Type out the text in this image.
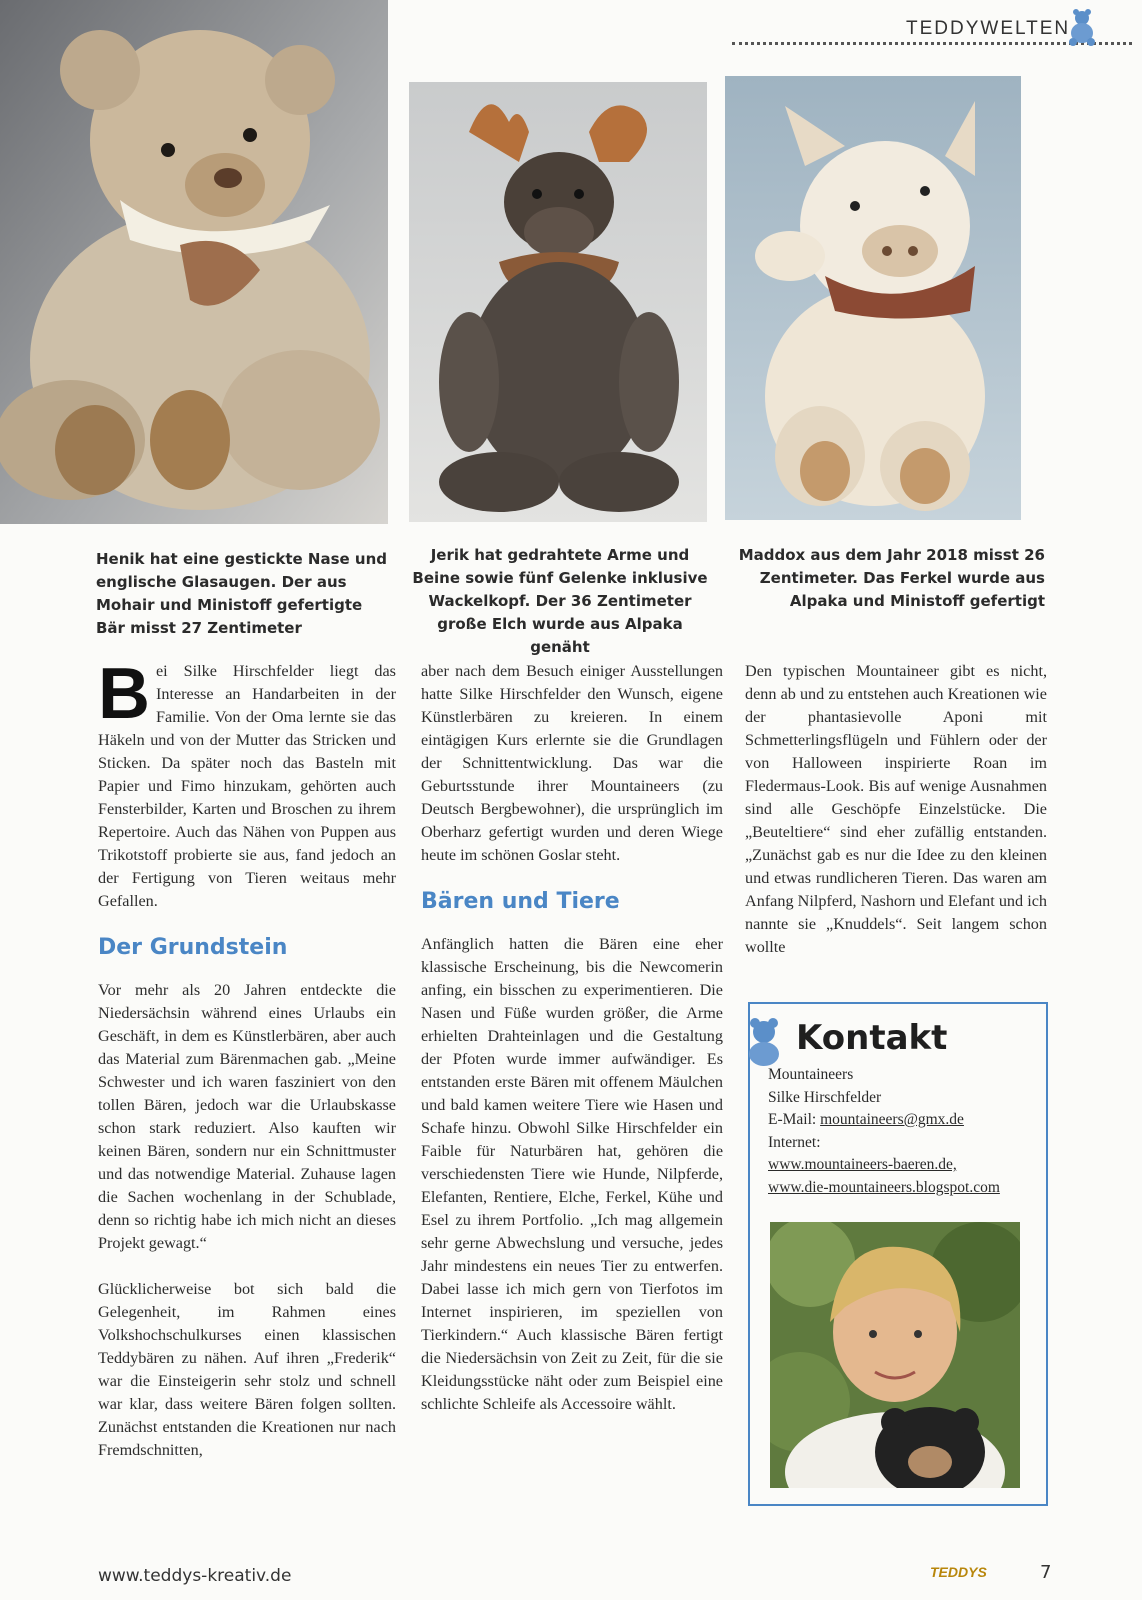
TEDDYWELTEN
Henik hat eine gestickte Nase und englische Glasaugen. Der aus Mohair und Ministoff gefertigte Bär misst 27 Zentimeter
Jerik hat gedrahtete Arme und Beine sowie fünf Gelenke inklusive Wackelkopf. Der 36 Zentimeter große Elch wurde aus Alpaka genäht
Maddox aus dem Jahr 2018 misst 26 Zentimeter. Das Ferkel wurde aus Alpaka und Ministoff gefertigt

Bei Silke Hirschfelder liegt das Interesse an Handarbeiten in der Familie. Von der Oma lernte sie das Häkeln und von der Mutter das Stricken und Sticken. Da später noch das Basteln mit Papier und Fimo hinzukam, gehörten auch Fensterbilder, Karten und Broschen zu ihrem Repertoire. Auch das Nähen von Puppen aus Trikotstoff probierte sie aus, fand jedoch an der Fertigung von Tieren weitaus mehr Gefallen.

Der Grundstein

Vor mehr als 20 Jahren entdeckte die Niedersächsin während eines Urlaubs ein Geschäft, in dem es Künstlerbären, aber auch das Material zum Bärenmachen gab. „Meine Schwester und ich waren fasziniert von den tollen Bären, jedoch war die Urlaubskasse schon stark reduziert. Also kauften wir keinen Bären, sondern nur ein Schnittmuster und das notwendige Material. Zuhause lagen die Sachen wochenlang in der Schublade, denn so richtig habe ich mich nicht an dieses Projekt gewagt.“

Glücklicherweise bot sich bald die Gelegenheit, im Rahmen eines Volkshochschulkurses einen klassischen Teddybären zu nähen. Auf ihren „Frederik“ war die Einsteigerin sehr stolz und schnell war klar, dass weitere Bären folgen sollten. Zunächst entstanden die Kreationen nur nach Fremdschnitten,

aber nach dem Besuch einiger Ausstellungen hatte Silke Hirschfelder den Wunsch, eigene Künstlerbären zu kreieren. In einem eintägigen Kurs erlernte sie die Grundlagen der Schnittentwicklung. Das war die Geburtsstunde ihrer Mountaineers (zu Deutsch Bergbewohner), die ursprünglich im Oberharz gefertigt wurden und deren Wiege heute im schönen Goslar steht.

Bären und Tiere

Anfänglich hatten die Bären eine eher klassische Erscheinung, bis die Newcomerin anfing, ein bisschen zu experimentieren. Die Nasen und Füße wurden größer, die Arme erhielten Drahteinlagen und die Gestaltung der Pfoten wurde immer aufwändiger. Es entstanden erste Bären mit offenem Mäulchen und bald kamen weitere Tiere wie Hasen und Schafe hinzu. Obwohl Silke Hirschfelder ein Faible für Naturbären hat, gehören die verschiedensten Tiere wie Hunde, Nilpferde, Elefanten, Rentiere, Elche, Ferkel, Kühe und Esel zu ihrem Portfolio. „Ich mag allgemein sehr gerne Abwechslung und versuche, jedes Jahr mindestens ein neues Tier zu entwerfen. Dabei lasse ich mich gern von Tierfotos im Internet inspirieren, im speziellen von Tierkindern.“ Auch klassische Bären fertigt die Niedersächsin von Zeit zu Zeit, für die sie Kleidungsstücke näht oder zum Beispiel eine schlichte Schleife als Accessoire wählt.

Den typischen Mountaineer gibt es nicht, denn ab und zu entstehen auch Kreationen wie der phantasievolle Aponi mit Schmetterlingsflügeln und Fühlern oder der von Halloween inspirierte Roan im Fledermaus-Look. Bis auf wenige Ausnahmen sind alle Geschöpfe Einzelstücke. Die „Beuteltiere“ sind eher zufällig entstanden. „Zunächst gab es nur die Idee zu den kleinen und etwas rundlicheren Tieren. Das waren am Anfang Nilpferd, Nashorn und Elefant und ich nannte sie „Knuddels“. Seit langem schon wollte

Kontakt
Mountaineers
Silke Hirschfelder
E-Mail: mountaineers@gmx.de
Internet:
www.mountaineers-baeren.de,
www.die-mountaineers.blogspot.com
www.teddys-kreativ.de	TEDDYS	7
